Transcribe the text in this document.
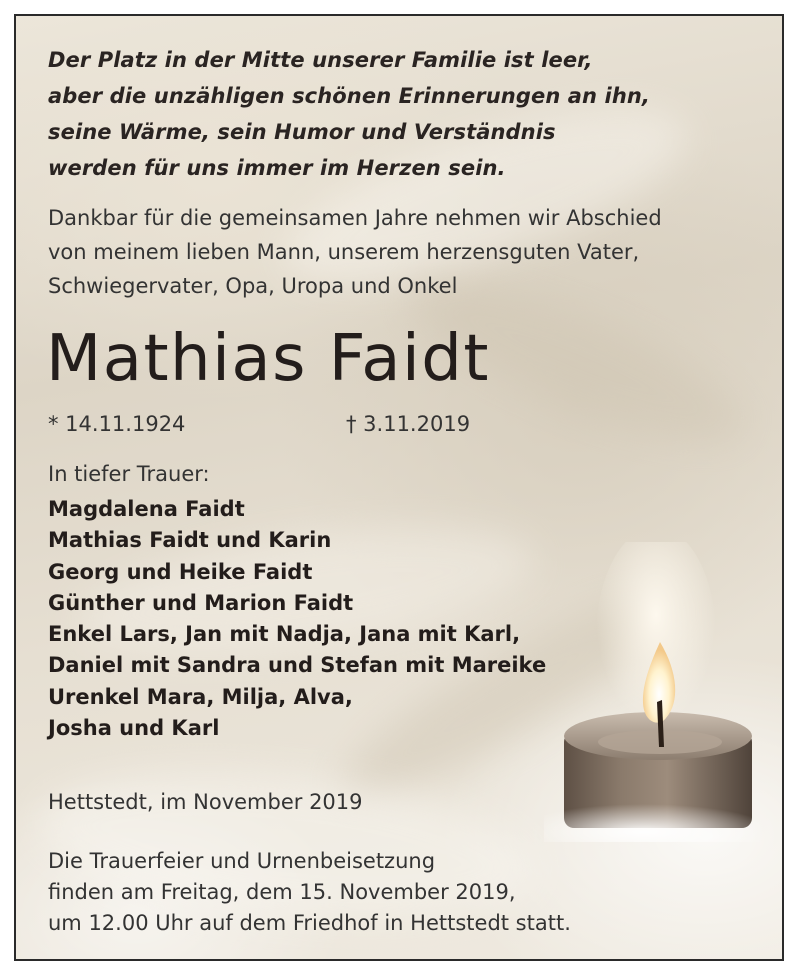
Der Platz in der Mitte unserer Familie ist leer,
aber die unzähligen schönen Erinnerungen an ihn,
seine Wärme, sein Humor und Verständnis
werden für uns immer im Herzen sein.
Dankbar für die gemeinsamen Jahre nehmen wir Abschied
von meinem lieben Mann, unserem herzensguten Vater,
Schwiegervater, Opa, Uropa und Onkel
Mathias Faidt
* 14.11.1924	† 3.11.2019
In tiefer Trauer:
Magdalena Faidt
Mathias Faidt und Karin
Georg und Heike Faidt
Günther und Marion Faidt
Enkel Lars, Jan mit Nadja, Jana mit Karl,
Daniel mit Sandra und Stefan mit Mareike
Urenkel Mara, Milja, Alva,
Josha und Karl
Hettstedt, im November 2019
Die Trauerfeier und Urnenbeisetzung
finden am Freitag, dem 15. November 2019,
um 12.00 Uhr auf dem Friedhof in Hettstedt statt.
